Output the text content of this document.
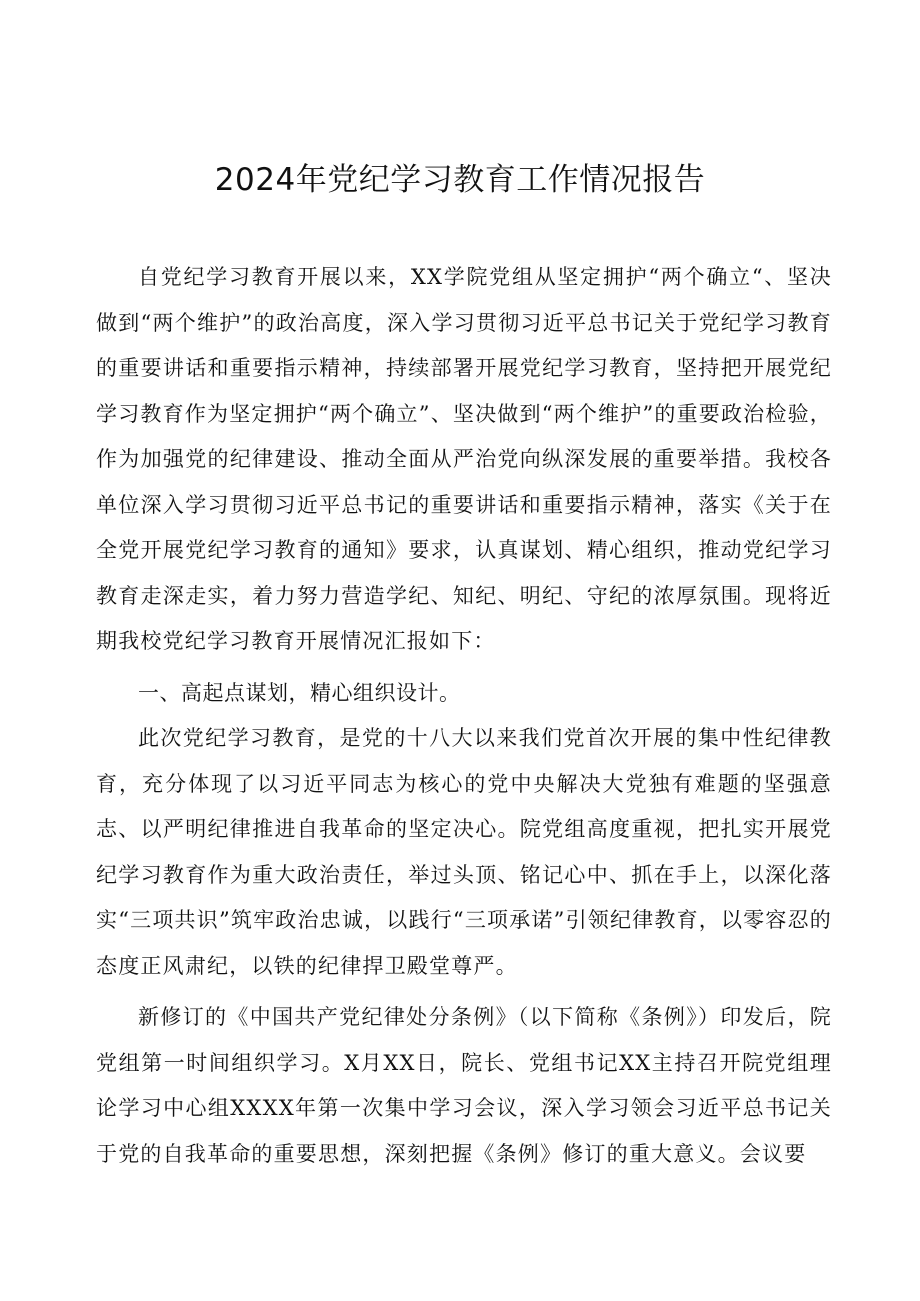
2024年党纪学习教育工作情况报告

自党纪学习教育开展以来，XX学院党组从坚定拥护“两个确立“、坚决做到“两个维护”的政治高度，深入学习贯彻习近平总书记关于党纪学习教育的重要讲话和重要指示精神，持续部署开展党纪学习教育，坚持把开展党纪学习教育作为坚定拥护“两个确立”、坚决做到“两个维护”的重要政治检验，作为加强党的纪律建设、推动全面从严治党向纵深发展的重要举措。我校各单位深入学习贯彻习近平总书记的重要讲话和重要指示精神，落实《关于在全党开展党纪学习教育的通知》要求，认真谋划、精心组织，推动党纪学习教育走深走实，着力努力营造学纪、知纪、明纪、守纪的浓厚氛围。现将近期我校党纪学习教育开展情况汇报如下：

一、高起点谋划，精心组织设计。

此次党纪学习教育，是党的十八大以来我们党首次开展的集中性纪律教育，充分体现了以习近平同志为核心的党中央解决大党独有难题的坚强意志、以严明纪律推进自我革命的坚定决心。院党组高度重视，把扎实开展党纪学习教育作为重大政治责任，举过头顶、铭记心中、抓在手上，以深化落实“三项共识”筑牢政治忠诚，以践行“三项承诺”引领纪律教育，以零容忍的态度正风肃纪，以铁的纪律捍卫殿堂尊严。

新修订的《中国共产党纪律处分条例》（以下简称《条例》）印发后，院党组第一时间组织学习。X月XX日，院长、党组书记XX主持召开院党组理论学习中心组XXXX年第一次集中学习会议，深入学习领会习近平总书记关于党的自我革命的重要思想，深刻把握《条例》修订的重大意义。会议要
